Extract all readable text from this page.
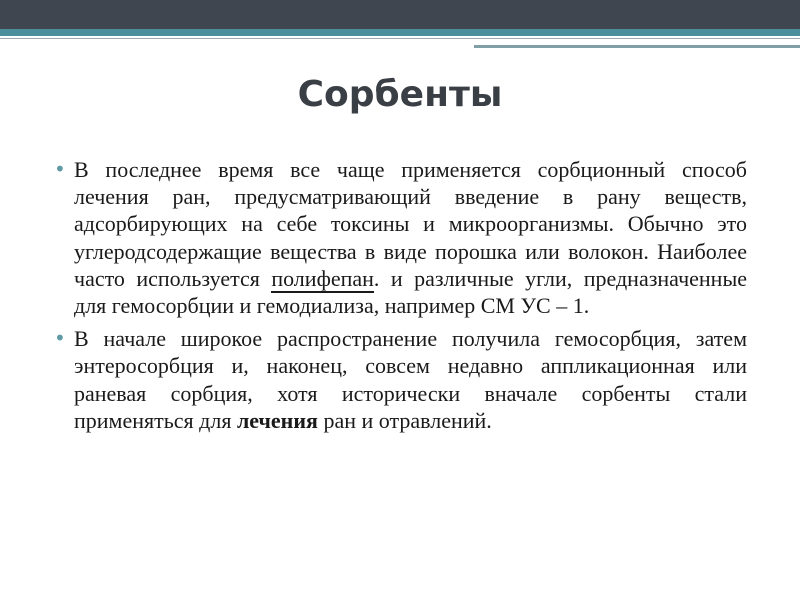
Сорбенты
• В последнее время все чаще применяется сорбционный способ лечения ран, предусматривающий введение в рану веществ, адсорбирующих на себе токсины и микроорганизмы. Обычно это углеродсодержащие вещества в виде порошка или волокон. Наиболее часто используется полифепан. и различные угли, предназначенные для гемосорбции и гемодиализа, например СМ УС – 1.
• В начале широкое распространение получила гемосорбция, затем энтеросорбция и, наконец, совсем недавно аппликационная или раневая сорбция, хотя исторически вначале сорбенты стали применяться для лечения ран и отравлений.
